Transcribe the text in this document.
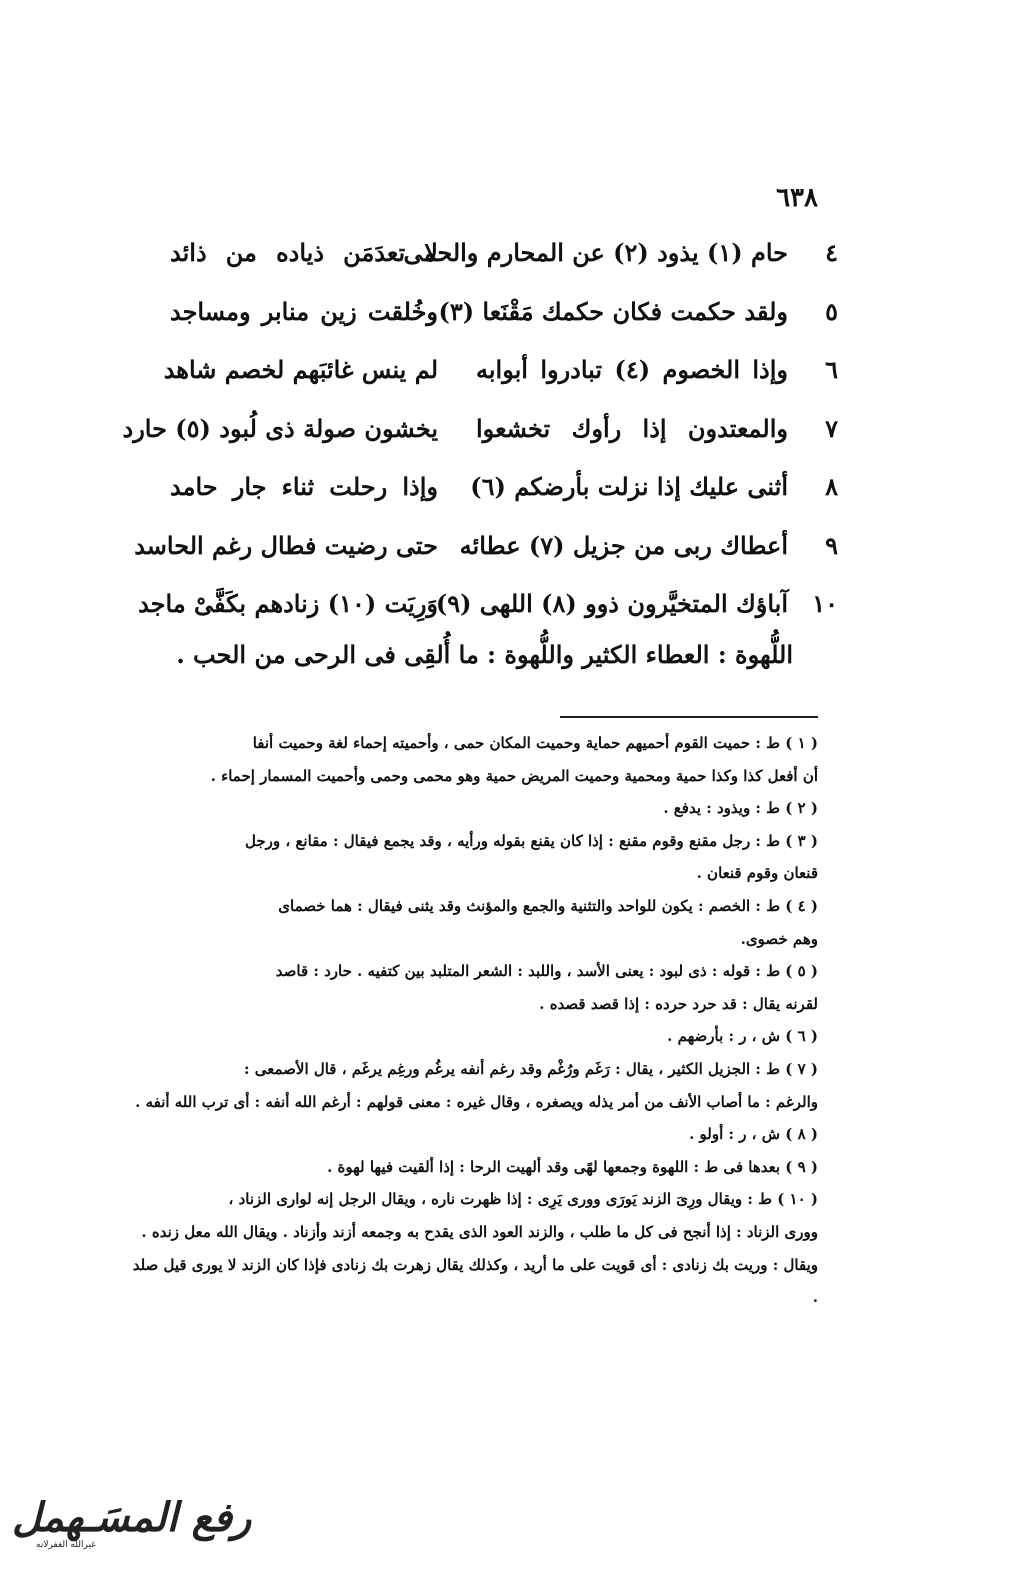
٦٣٨
٤
حام (١) يذود (٢) عن المحارم والحمى
لا تعدَمَن ذياده من ذائد
٥
ولقد حكمت فكان حكمك مَقْنَعا (٣)
وخُلقت زين منابر ومساجد
٦
وإذا الخصوم (٤) تبادروا أبوابه
لم ينس غائبَهم لخصم شاهد
٧
والمعتدون إذا رأوك تخشعوا
يخشون صولة ذى لُبود (٥) حارد
٨
أثنى عليك إذا نزلت بأرضكم (٦)
وإذا رحلت ثناء جار حامد
٩
أعطاك ربى من جزيل (٧) عطائه
حتى رضيت فطال رغم الحاسد
١٠
آباؤك المتخيَّرون ذوو (٨) اللهى (٩)
وَرِيَت (١٠) زنادهم بكَفَّىْ ماجد
اللُّهوة : العطاء الكثير واللُّهوة : ما أُلقِى فى الرحى من الحب .

( ١ ) ط : حميت القوم أحميهم حماية وحميت المكان حمى ، وأحميته إحماء لغة وحميت أنفا
أن أفعل كذا وكذا حمية ومحمية وحميت المريض حمية وهو محمى وحمى وأحميت المسمار إحماء .

( ٢ ) ط : ويذود : يدفع .

( ٣ ) ط : رجل مقنع وقوم مقنع : إذا كان يقنع بقوله ورأيه ، وقد يجمع فيقال : مقانع ، ورجل
قنعان وقوم قنعان .

( ٤ ) ط : الخصم : يكون للواحد والتثنية والجمع والمؤنث وقد يثنى فيقال : هما خصماى
وهم خصوى.

( ٥ ) ط : قوله : ذى لبود : يعنى الأسد ، واللبد : الشعر المتلبد بين كتفيه . حارد : قاصد
لقرنه يقال : قد حرد حرده : إذا قصد قصده .

( ٦ ) ش ، ر : بأرضهم .

( ٧ ) ط : الجزيل الكثير ، يقال : رَغَم ورُغْم وقد رغم أنفه يرغُم ورغِم يرغَم ، قال الأصمعى :
والرغم : ما أصاب الأنف من أمر يذله ويصغره ، وقال غيره : معنى قولهم : أرغم الله أنفه : أى ترب الله أنفه .

( ٨ ) ش ، ر : أولو .

( ٩ ) بعدها فى ط : اللهوة وجمعها لهًى وقد ألهيت الرحا : إذا ألقيت فيها لهوة .

( ١٠ ) ط : ويقال ورِىَ الزند يَورَى وورى يَرِى : إذا ظهرت ناره ، ويقال الرجل إنه لوارى الزناد ،
وورى الزناد : إذا أنجح فى كل ما طلب ، والزند العود الذى يقدح به وجمعه أزند وأزناد . ويقال الله معل زنده . ويقال : وريت بك زنادى : أى قويت على ما أريد ، وكذلك يقال زهرت بك زنادى فإذا كان الزند لا يورى قيل صلد .

رفع المسَـهمل
غيرالله الغفرلانه
